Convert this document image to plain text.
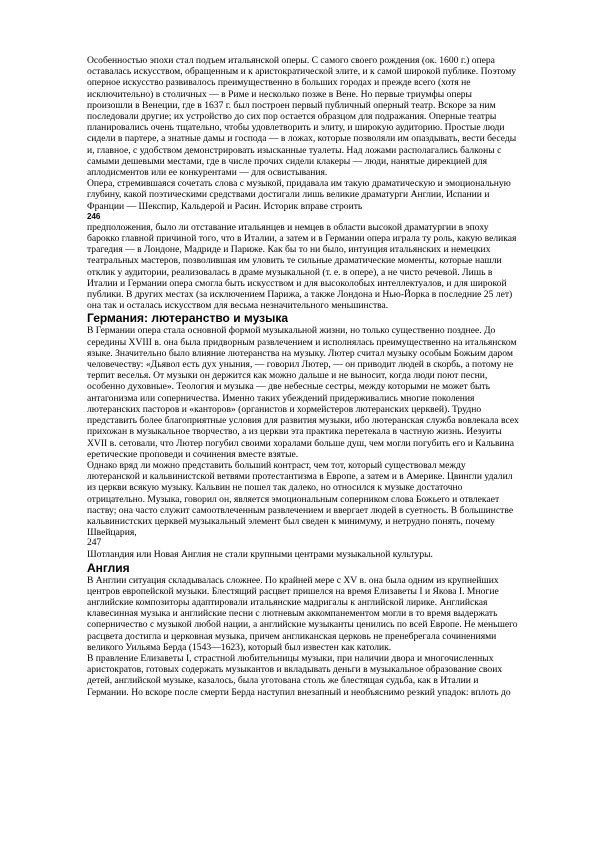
Особенностью эпохи стал подъем итальянской оперы. С самого своего рождения (ок. 1600 г.) опера оставалась искусством, обращенным и к аристократической элите, и к самой широкой публике. Поэтому оперное искусство развивалось преимущественно в больших городах и прежде всего (хотя не исключительно) в столичных — в Риме и несколько позже в Вене. Но первые триумфы оперы произошли в Венеции, где в 1637 г. был построен первый публичный оперный театр. Вскоре за ним последовали другие; их устройство до сих пор остается образцом для подражания. Оперные театры планировались очень тщательно, чтобы удовлетворить и элиту, и широкую аудиторию. Простые люди сидели в партере, а знатные дамы и господа — в ложах, которые позволяли им опаздывать, вести беседы и, главное, с удобством демонстрировать изысканные туалеты. Над ложами располагались балконы с самыми дешевыми местами, где в числе прочих сидели клакеры — люди, нанятые дирекцией для аплодисментов или ее конкурентами — для освистывания.

Опера, стремившаяся сочетать слова с музыкой, придавала им такую драматическую и эмоциональную глубину, какой поэтическими средствами достигали лишь великие драматурги Англии, Испании и Франции — Шекспир, Кальдерой и Расин. Историк вправе строить

246

предположения, было ли отставание итальянцев и немцев в области высокой драматургии в эпоху барокко главной причиной того, что в Италии, а затем и в Германии опера играла ту роль, какую великая трагедия — в Лондоне, Мадриде и Париже. Как бы то ни было, интуиция итальянских и немецких театральных мастеров, позволившая им уловить те сильные драматические моменты, которые нашли отклик у аудитории, реализовалась в драме музыкальной (т. е. в опере), а не чисто речевой. Лишь в Италии и Германии опера смогла быть искусством и для высоколобых интеллектуалов, и для широкой публики. В других местах (за исключением Парижа, а также Лондона и Нью-Йорка в последние 25 лет) она так и осталась искусством для весьма незначительного меньшинства.

Германия: лютеранство и музыка

В Германии опера стала основной формой музыкальной жизни, но только существенно позднее. До середины XVIII в. она была придворным развлечением и исполнялась преимущественно на итальянском языке. Значительно было влияние лютеранства на музыку. Лютер считал музыку особым Божьим даром человечеству: «Дьявол есть дух уныния, — говорил Лютер, — он приводит людей в скорбь, а потому не терпит веселья. От музыки он держится как можно дальше и не выносит, когда люди поют песни, особенно духовные». Теология и музыка — две небесные сестры, между которыми не может быть антагонизма или соперничества. Именно таких убеждений придерживались многие поколения лютеранских пасторов и «канторов» (органистов и хормейстеров лютеранских церквей). Трудно представить более благоприятные условия для развития музыки, ибо лютеранская служба вовлекала всех прихожан в музыкальное творчество, а из церкви эта практика перетекала в частную жизнь. Иезуиты XVII в. сетовали, что Лютер погубил своими хоралами больше душ, чем могли погубить его и Кальвина еретические проповеди и сочинения вместе взятые.

Однако вряд ли можно представить больший контраст, чем тот, который существовал между лютеранской и кальвинистской ветвями протестантизма в Европе, а затем и в Америке. Цвингли удалил из церкви всякую музыку. Кальвин не пошел так далеко, но относился к музыке достаточно отрицательно. Музыка, говорил он, является эмоциональным соперником слова Божьего и отвлекает паству; она часто служит самоотвлеченным развлечением и ввергает людей в суетность. В большинстве кальвинистских церквей музыкальный элемент был сведен к минимуму, и нетрудно понять, почему Швейцария,

247

Шотландия или Новая Англия не стали крупными центрами музыкальной культуры.

Англия

В Англии ситуация складывалась сложнее. По крайней мере с XV в. она была одним из крупнейших центров европейской музыки. Блестящий расцвет пришелся на время Елизаветы I и Якова I. Многие английские композиторы адаптировали итальянские мадригалы к английской лирике. Английская клавесинная музыка и английские песни с лютневым аккомпанементом могли в то время выдержать соперничество с музыкой любой нации, а английские музыканты ценились по всей Европе. Не меньшего расцвета достигла и церковная музыка, причем англиканская церковь не пренебрегала сочинениями великого Уильяма Берда (1543—1623), который был известен как католик.

В правление Елизаветы I, страстной любительницы музыки, при наличии двора и многочисленных аристократов, готовых содержать музыкантов и вкладывать деньги в музыкальное образование своих детей, английской музыке, казалось, была уготована столь же блестящая судьба, как в Италии и Германии. Но вскоре после смерти Берда наступил внезапный и необъяснимо резкий упадок: вплоть до
